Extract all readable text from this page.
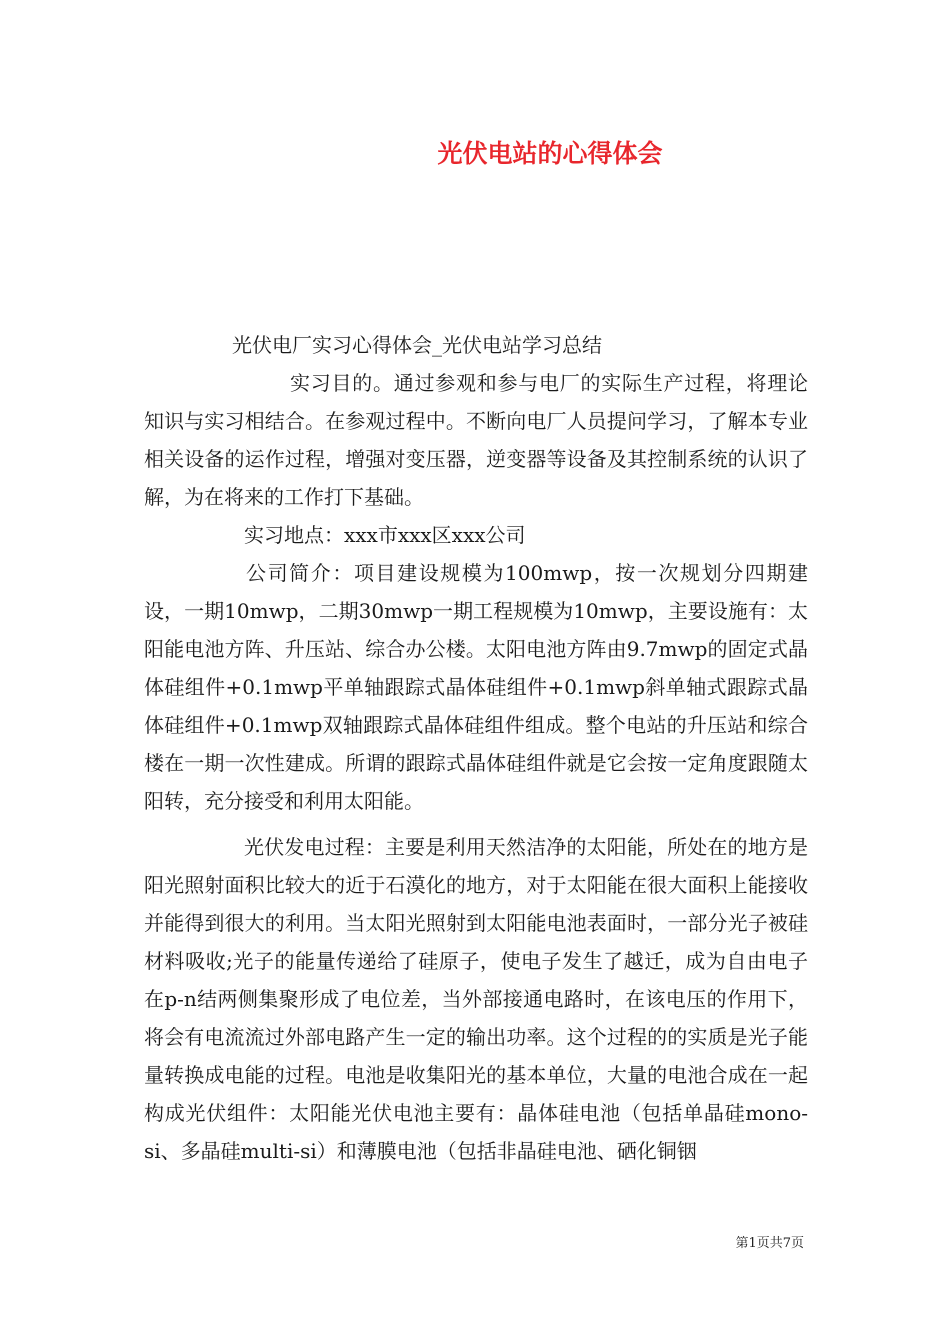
光伏电站的心得体会

光伏电厂实习心得体会_光伏电站学习总结

实习目的。通过参观和参与电厂的实际生产过程，将理论知识与实习相结合。在参观过程中。不断向电厂人员提问学习，了解本专业相关设备的运作过程，增强对变压器，逆变器等设备及其控制系统的认识了解，为在将来的工作打下基础。

实习地点：xxx市xxx区xxx公司

公司简介：项目建设规模为100mwp，按一次规划分四期建设，一期10mwp，二期30mwp一期工程规模为10mwp，主要设施有：太阳能电池方阵、升压站、综合办公楼。太阳电池方阵由9.7mwp的固定式晶体硅组件+0.1mwp平单轴跟踪式晶体硅组件+0.1mwp斜单轴式跟踪式晶体硅组件+0.1mwp双轴跟踪式晶体硅组件组成。整个电站的升压站和综合楼在一期一次性建成。所谓的跟踪式晶体硅组件就是它会按一定角度跟随太阳转，充分接受和利用太阳能。

光伏发电过程：主要是利用天然洁净的太阳能，所处在的地方是阳光照射面积比较大的近于石漠化的地方，对于太阳能在很大面积上能接收并能得到很大的利用。当太阳光照射到太阳能电池表面时，一部分光子被硅材料吸收;光子的能量传递给了硅原子，使电子发生了越迁，成为自由电子在p-n结两侧集聚形成了电位差，当外部接通电路时，在该电压的作用下，将会有电流流过外部电路产生一定的输出功率。这个过程的的实质是光子能量转换成电能的过程。电池是收集阳光的基本单位，大量的电池合成在一起构成光伏组件：太阳能光伏电池主要有：晶体硅电池（包括单晶硅mono-si、多晶硅multi-si）和薄膜电池（包括非晶硅电池、硒化铜铟

第1页共7页
